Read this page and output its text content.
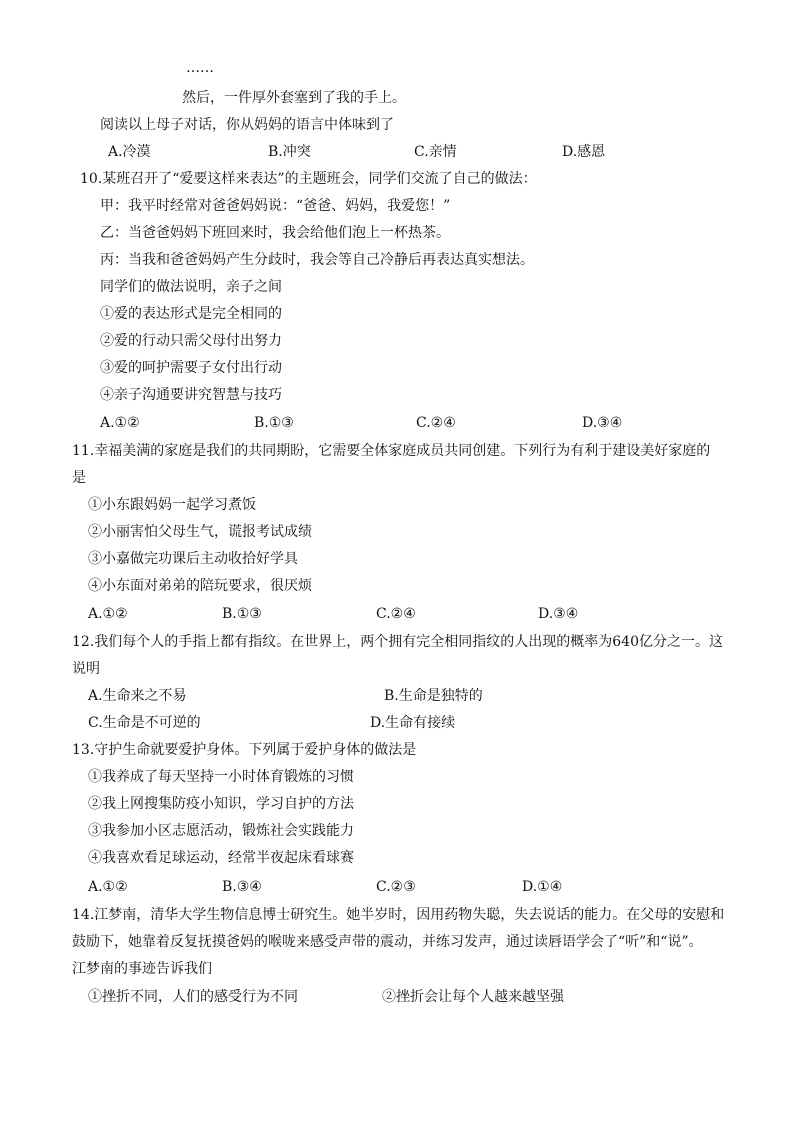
……
然后，一件厚外套塞到了我的手上。
阅读以上母子对话，你从妈妈的语言中体味到了
A.冷漠	B.冲突	C.亲情	D.感恩
10.某班召开了“爱要这样来表达”的主题班会，同学们交流了自己的做法：
甲：我平时经常对爸爸妈妈说：“爸爸、妈妈，我爱您！”
乙：当爸爸妈妈下班回来时，我会给他们泡上一杯热茶。
丙：当我和爸爸妈妈产生分歧时，我会等自己冷静后再表达真实想法。
同学们的做法说明，亲子之间
①爱的表达形式是完全相同的
②爱的行动只需父母付出努力
③爱的呵护需要子女付出行动
④亲子沟通要讲究智慧与技巧
A.①②	B.①③	C.②④	D.③④
11.幸福美满的家庭是我们的共同期盼，它需要全体家庭成员共同创建。下列行为有利于建设美好家庭的
是
①小东跟妈妈一起学习煮饭
②小丽害怕父母生气，谎报考试成绩
③小嘉做完功课后主动收拾好学具
④小东面对弟弟的陪玩要求，很厌烦
A.①②	B.①③	C.②④	D.③④
12.我们每个人的手指上都有指纹。在世界上，两个拥有完全相同指纹的人出现的概率为640亿分之一。这
说明
A.生命来之不易	B.生命是独特的
C.生命是不可逆的	D.生命有接续
13.守护生命就要爱护身体。下列属于爱护身体的做法是
①我养成了每天坚持一小时体育锻炼的习惯
②我上网搜集防疫小知识，学习自护的方法
③我参加小区志愿活动，锻炼社会实践能力
④我喜欢看足球运动，经常半夜起床看球赛
A.①②	B.③④	C.②③	D.①④
14.江梦南，清华大学生物信息博士研究生。她半岁时，因用药物失聪，失去说话的能力。在父母的安慰和
鼓励下，她靠着反复抚摸爸妈的喉咙来感受声带的震动，并练习发声，通过读唇语学会了“听”和“说”。
江梦南的事迹告诉我们
①挫折不同，人们的感受行为不同	②挫折会让每个人越来越坚强
